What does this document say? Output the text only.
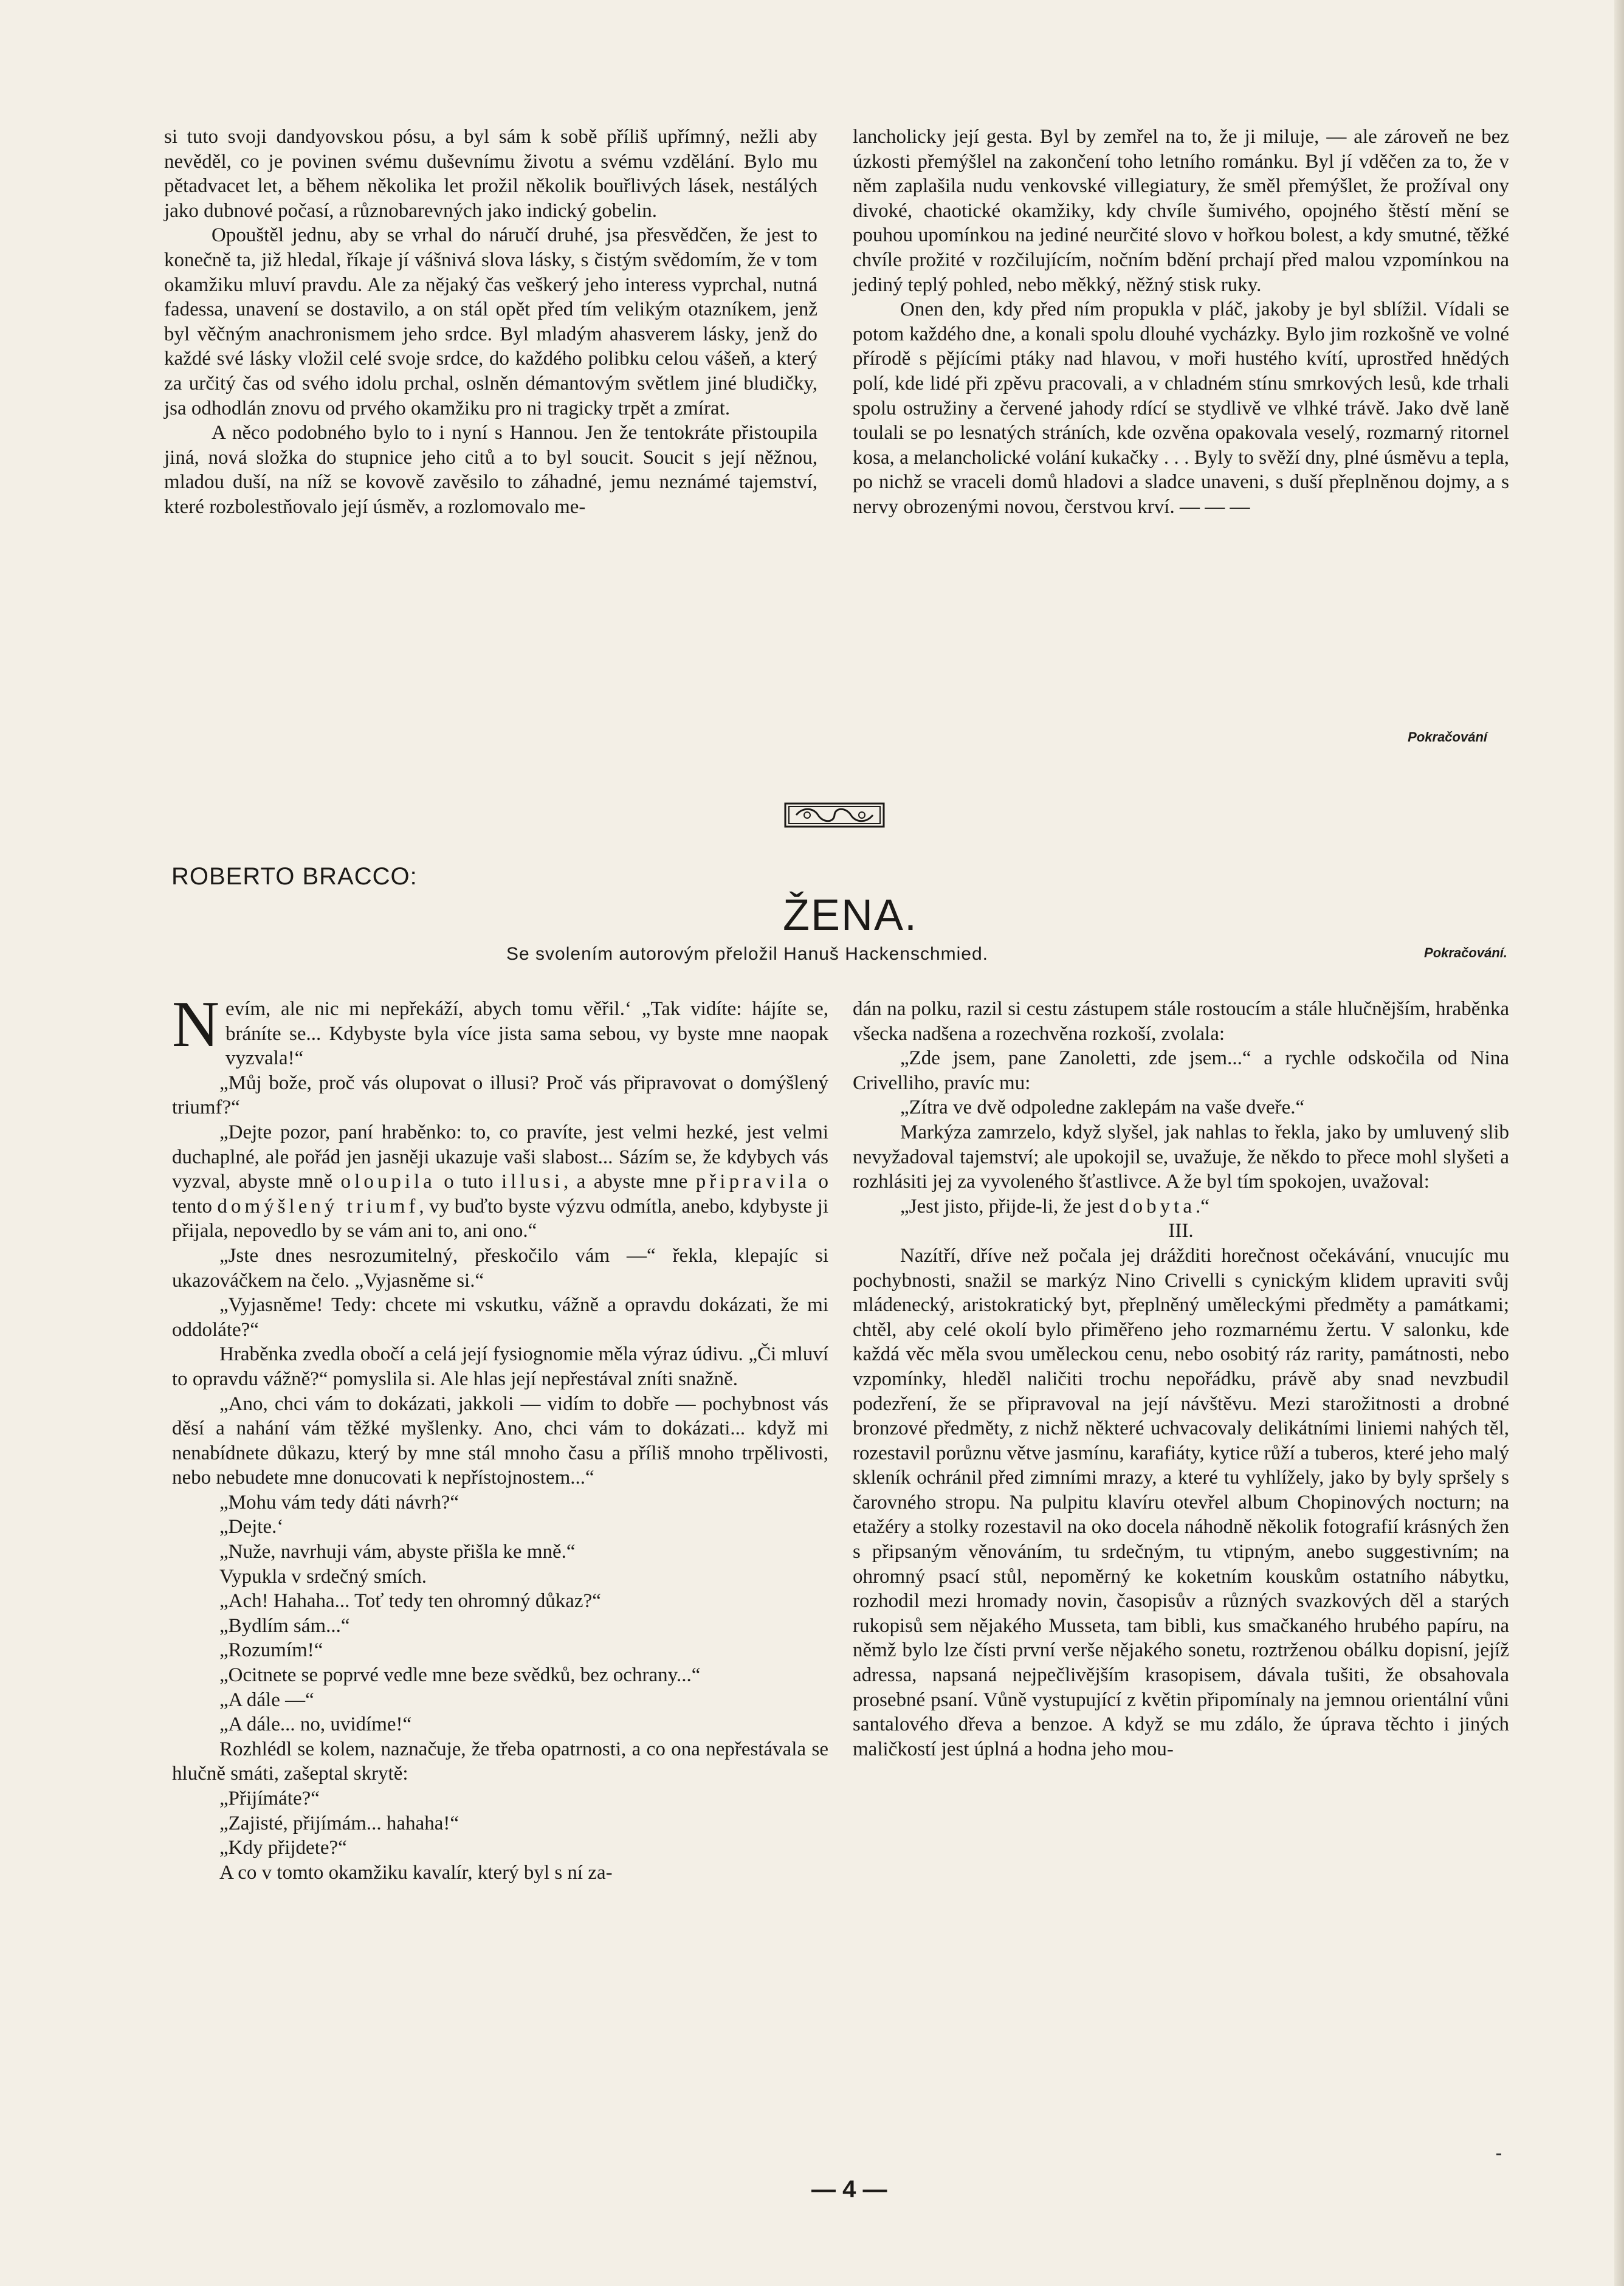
si tuto svoji dandyovskou pósu, a byl sám k sobě příliš upřímný, nežli aby nevěděl, co je povinen svému duševnímu životu a svému vzdělání. Bylo mu pětadvacet let, a během několika let prožil několik bouřlivých lásek, nestálých jako dubnové počasí, a různobarevných jako indický gobelin.

Opouštěl jednu, aby se vrhal do náručí druhé, jsa přesvědčen, že jest to konečně ta, již hledal, říkaje jí vášnivá slova lásky, s čistým svědomím, že v tom okamžiku mluví pravdu. Ale za nějaký čas veškerý jeho interess vyprchal, nutná fadessa, unavení se dostavilo, a on stál opět před tím velikým otazníkem, jenž byl věčným anachronismem jeho srdce. Byl mladým ahasverem lásky, jenž do každé své lásky vložil celé svoje srdce, do každého polibku celou vášeň, a který za určitý čas od svého idolu prchal, oslněn démantovým světlem jiné bludičky, jsa odhodlán znovu od prvého okamžiku pro ni tragicky trpět a zmírat.

A něco podobného bylo to i nyní s Hannou. Jen že tentokráte přistoupila jiná, nová složka do stupnice jeho citů a to byl soucit. Soucit s její něžnou, mladou duší, na níž se kovově zavěsilo to záhadné, jemu neznámé tajemství, které rozbolestňovalo její úsměv, a rozlomovalo me-

lancholicky její gesta. Byl by zemřel na to, že ji miluje, — ale zároveň ne bez úzkosti přemýšlel na zakončení toho letního románku. Byl jí vděčen za to, že v něm zaplašila nudu venkovské villegiatury, že směl přemýšlet, že prožíval ony divoké, chaotické okamžiky, kdy chvíle šumivého, opojného štěstí mění se pouhou upomínkou na jediné neurčité slovo v hořkou bolest, a kdy smutné, těžké chvíle prožité v rozčilujícím, nočním bdění prchají před malou vzpomínkou na jediný teplý pohled, nebo měkký, něžný stisk ruky.

Onen den, kdy před ním propukla v pláč, jakoby je byl sblížil. Vídali se potom každého dne, a konali spolu dlouhé vycházky. Bylo jim rozkošně ve volné přírodě s pějícími ptáky nad hlavou, v moři hustého kvítí, uprostřed hnědých polí, kde lidé při zpěvu pracovali, a v chladném stínu smrkových lesů, kde trhali spolu ostružiny a červené jahody rdící se stydlivě ve vlhké trávě. Jako dvě laně toulali se po lesnatých stráních, kde ozvěna opakovala veselý, rozmarný ritornel kosa, a melancholické volání kukačky . . . Byly to svěží dny, plné úsměvu a tepla, po nichž se vraceli domů hladovi a sladce unaveni, s duší přeplněnou dojmy, a s nervy obrozenými novou, čerstvou krví. — — —

Pokračování
ROBERTO BRACCO:
ŽENA.
Se svolením autorovým přeložil Hanuš Hackenschmied.	Pokračování.

Nevím, ale nic mi nepřekáží, abych tomu věřil.‘ „Tak vidíte: hájíte se, bráníte se... Kdybyste byla více jista sama sebou, vy byste mne naopak vyzvala!“

„Můj bože, proč vás olupovat o illusi? Proč vás připravovat o domýšlený triumf?“

„Dejte pozor, paní hraběnko: to, co pravíte, jest velmi hezké, jest velmi duchaplné, ale pořád jen jasněji ukazuje vaši slabost... Sázím se, že kdybych vás vyzval, abyste mně oloupila o tuto illusi, a abyste mne připravila o tento domýšlený triumf, vy buďto byste výzvu odmítla, anebo, kdybyste ji přijala, nepovedlo by se vám ani to, ani ono.“

„Jste dnes nesrozumitelný, přeskočilo vám —“ řekla, klepajíc si ukazováčkem na čelo. „Vyjasněme si.“

„Vyjasněme! Tedy: chcete mi vskutku, vážně a opravdu dokázati, že mi oddoláte?“

Hraběnka zvedla obočí a celá její fysiognomie měla výraz údivu. „Či mluví to opravdu vážně?“ pomyslila si. Ale hlas její nepřestával zníti snažně.

„Ano, chci vám to dokázati, jakkoli — vidím to dobře — pochybnost vás děsí a nahání vám těžké myšlenky. Ano, chci vám to dokázati... když mi nenabídnete důkazu, který by mne stál mnoho času a příliš mnoho trpělivosti, nebo nebudete mne donucovati k nepřístojnostem...“

„Mohu vám tedy dáti návrh?“

„Dejte.‘

„Nuže, navrhuji vám, abyste přišla ke mně.“

Vypukla v srdečný smích.

„Ach! Hahaha... Toť tedy ten ohromný důkaz?“

„Bydlím sám...“

„Rozumím!“

„Ocitnete se poprvé vedle mne beze svědků, bez ochrany...“

„A dále —“

„A dále... no, uvidíme!“

Rozhlédl se kolem, naznačuje, že třeba opatrnosti, a co ona nepřestávala se hlučně smáti, zašeptal skrytě:

„Přijímáte?“

„Zajisté, přijímám... hahaha!“

„Kdy přijdete?“

A co v tomto okamžiku kavalír, který byl s ní za-

dán na polku, razil si cestu zástupem stále rostoucím a stále hlučnějším, hraběnka všecka nadšena a rozechvěna rozkoší, zvolala:

„Zde jsem, pane Zanoletti, zde jsem...“ a rychle odskočila od Nina Crivelliho, pravíc mu:

„Zítra ve dvě odpoledne zaklepám na vaše dveře.“

Markýza zamrzelo, když slyšel, jak nahlas to řekla, jako by umluvený slib nevyžadoval tajemství; ale upokojil se, uvažuje, že někdo to přece mohl slyšeti a rozhlásiti jej za vyvoleného šťastlivce. A že byl tím spokojen, uvažoval:

„Jest jisto, přijde-li, že jest dobyta.“

III.

Nazítří, dříve než počala jej drážditi horečnost očekávání, vnucujíc mu pochybnosti, snažil se markýz Nino Crivelli s cynickým klidem upraviti svůj mládenecký, aristokratický byt, přeplněný uměleckými předměty a památkami; chtěl, aby celé okolí bylo přiměřeno jeho rozmarnému žertu. V salonku, kde každá věc měla svou uměleckou cenu, nebo osobitý ráz rarity, památnosti, nebo vzpomínky, hleděl naličiti trochu nepořádku, právě aby snad nevzbudil podezření, že se připravoval na její návštěvu. Mezi starožitnosti a drobné bronzové předměty, z nichž některé uchvacovaly delikátními liniemi nahých těl, rozestavil porůznu větve jasmínu, karafiáty, kytice růží a tuberos, které jeho malý skleník ochránil před zimními mrazy, a které tu vyhlížely, jako by byly spršely s čarovného stropu. Na pulpitu klavíru otevřel album Chopinových nocturn; na etažéry a stolky rozestavil na oko docela náhodně několik fotografií krásných žen s připsaným věnováním, tu srdečným, tu vtipným, anebo suggestivním; na ohromný psací stůl, nepoměrný ke koketním kouskům ostatního nábytku, rozhodil mezi hromady novin, časopisův a různých svazkových děl a starých rukopisů sem nějakého Musseta, tam bibli, kus smačkaného hrubého papíru, na němž bylo lze čísti první verše nějakého sonetu, roztrženou obálku dopisní, jejíž adressa, napsaná nejpečlivějším krasopisem, dávala tušiti, že obsahovala prosebné psaní. Vůně vystupující z květin připomínaly na jemnou orientální vůni santalového dřeva a benzoe. A když se mu zdálo, že úprava těchto i jiných maličkostí jest úplná a hodna jeho mou-

— 4 —
